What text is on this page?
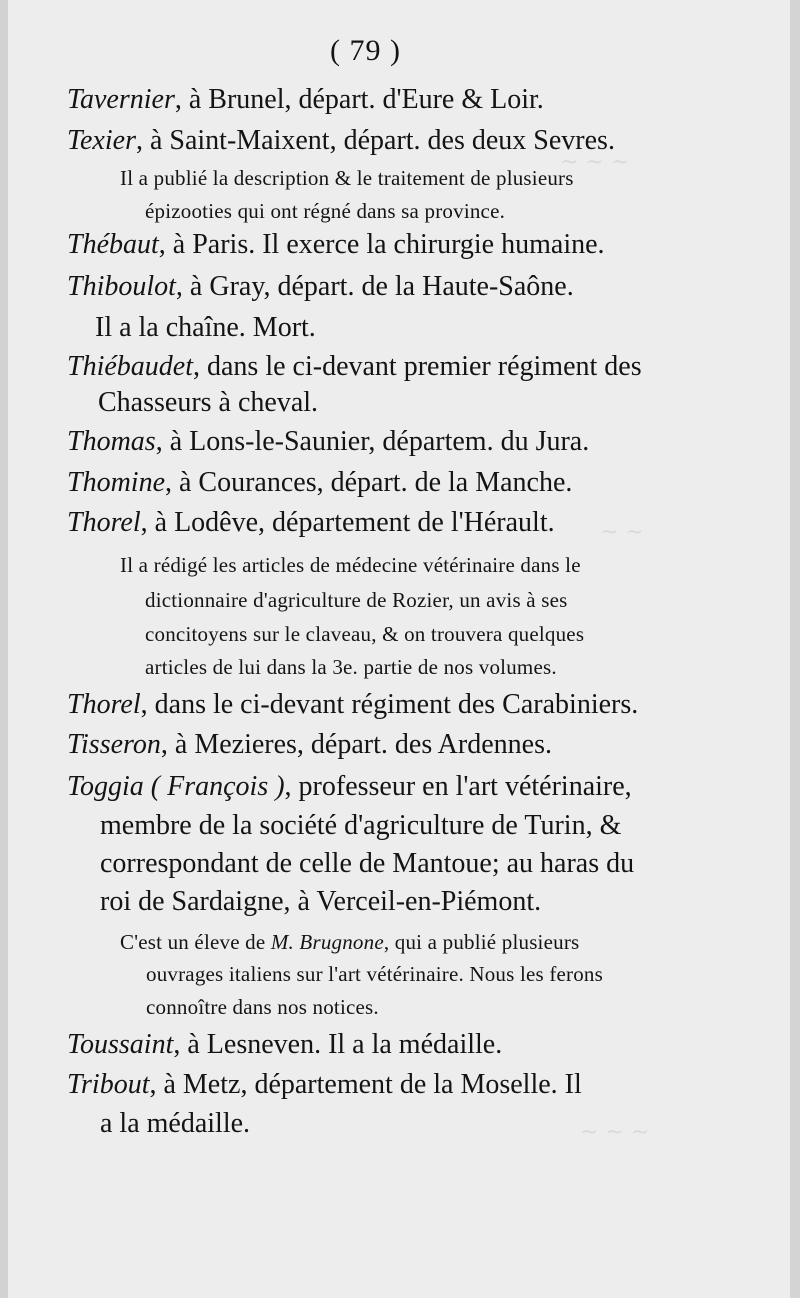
~ ~ ~
~ ~
~ ~ ~
( 79 )
Tavernier, à Brunel, départ. d'Eure & Loir.
Texier, à Saint-Maixent, départ. des deux Sevres.
Il a publié la description & le traitement de plusieurs
épizooties qui ont régné dans sa province.
Thébaut, à Paris. Il exerce la chirurgie humaine.
Thiboulot, à Gray, départ. de la Haute-Saône.
Il a la chaîne. Mort.
Thiébaudet, dans le ci-devant premier régiment des
Chasseurs à cheval.
Thomas, à Lons-le-Saunier, départem. du Jura.
Thomine, à Courances, départ. de la Manche.
Thorel, à Lodêve, département de l'Hérault.
Il a rédigé les articles de médecine vétérinaire dans le
dictionnaire d'agriculture de Rozier, un avis à ses
concitoyens sur le claveau, & on trouvera quelques
articles de lui dans la 3e. partie de nos volumes.
Thorel, dans le ci-devant régiment des Carabiniers.
Tisseron, à Mezieres, départ. des Ardennes.
Toggia ( François ), professeur en l'art vétérinaire,
membre de la société d'agriculture de Turin, &
correspondant de celle de Mantoue; au haras du
roi de Sardaigne, à Verceil-en-Piémont.
C'est un éleve de M. Brugnone, qui a publié plusieurs
ouvrages italiens sur l'art vétérinaire. Nous les ferons
connoître dans nos notices.
Toussaint, à Lesneven. Il a la médaille.
Tribout, à Metz, département de la Moselle. Il
a la médaille.
